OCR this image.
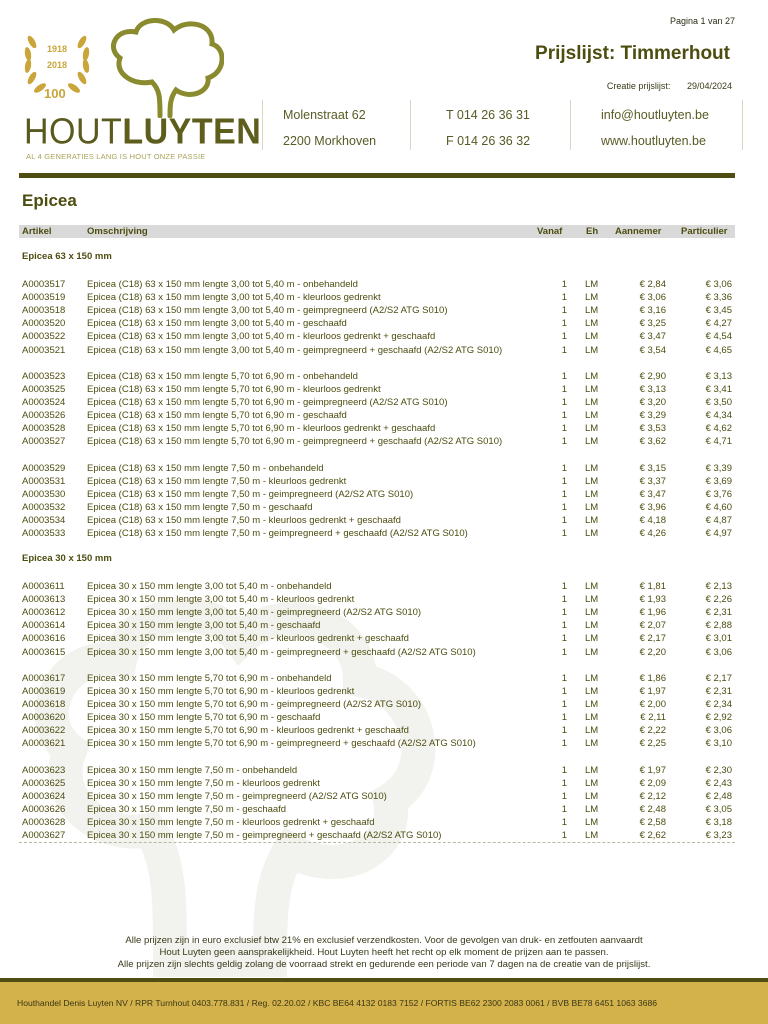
Pagina 1 van 27
1918
2018
100
HOUTLUYTEN
AL 4 GENERATIES LANG IS HOUT ONZE PASSIE
Prijslijst: Timmerhout
Creatie prijslijst: 29/04/2024
Molenstraat 62
2200 Morkhoven
T 014 26 36 31
F 014 26 36 32
info@houtluyten.be
www.houtluyten.be
Epicea
Artikel	Omschrijving	Vanaf Eh Aannemer Particulier
Epicea 63 x 150 mm
A0003517 Epicea (C18) 63 x 150 mm lengte 3,00 tot 5,40 m - onbehandeld	1 LM	€ 2,84	€ 3,06
A0003519 Epicea (C18) 63 x 150 mm lengte 3,00 tot 5,40 m - kleurloos gedrenkt	1 LM	€ 3,06	€ 3,36
A0003518 Epicea (C18) 63 x 150 mm lengte 3,00 tot 5,40 m - geimpregneerd (A2/S2 ATG S010)	1 LM	€ 3,16	€ 3,45
A0003520 Epicea (C18) 63 x 150 mm lengte 3,00 tot 5,40 m - geschaafd	1 LM	€ 3,25	€ 4,27
A0003522 Epicea (C18) 63 x 150 mm lengte 3,00 tot 5,40 m - kleurloos gedrenkt + geschaafd	1 LM	€ 3,47	€ 4,54
A0003521 Epicea (C18) 63 x 150 mm lengte 3,00 tot 5,40 m - geimpregneerd + geschaafd (A2/S2 ATG S010)	1 LM	€ 3,54	€ 4,65
A0003523 Epicea (C18) 63 x 150 mm lengte 5,70 tot 6,90 m - onbehandeld	1 LM	€ 2,90	€ 3,13
A0003525 Epicea (C18) 63 x 150 mm lengte 5,70 tot 6,90 m - kleurloos gedrenkt	1 LM	€ 3,13	€ 3,41
A0003524 Epicea (C18) 63 x 150 mm lengte 5,70 tot 6,90 m - geimpregneerd (A2/S2 ATG S010)	1 LM	€ 3,20	€ 3,50
A0003526 Epicea (C18) 63 x 150 mm lengte 5,70 tot 6,90 m - geschaafd	1 LM	€ 3,29	€ 4,34
A0003528 Epicea (C18) 63 x 150 mm lengte 5,70 tot 6,90 m - kleurloos gedrenkt + geschaafd	1 LM	€ 3,53	€ 4,62
A0003527 Epicea (C18) 63 x 150 mm lengte 5,70 tot 6,90 m - geimpregneerd + geschaafd (A2/S2 ATG S010)	1 LM	€ 3,62	€ 4,71
A0003529 Epicea (C18) 63 x 150 mm lengte 7,50 m - onbehandeld	1 LM	€ 3,15	€ 3,39
A0003531 Epicea (C18) 63 x 150 mm lengte 7,50 m - kleurloos gedrenkt	1 LM	€ 3,37	€ 3,69
A0003530 Epicea (C18) 63 x 150 mm lengte 7,50 m - geimpregneerd (A2/S2 ATG S010)	1 LM	€ 3,47	€ 3,76
A0003532 Epicea (C18) 63 x 150 mm lengte 7,50 m - geschaafd	1 LM	€ 3,96	€ 4,60
A0003534 Epicea (C18) 63 x 150 mm lengte 7,50 m - kleurloos gedrenkt + geschaafd	1 LM	€ 4,18	€ 4,87
A0003533 Epicea (C18) 63 x 150 mm lengte 7,50 m - geimpregneerd + geschaafd (A2/S2 ATG S010)	1 LM	€ 4,26	€ 4,97
Epicea 30 x 150 mm
A0003611 Epicea 30 x 150 mm lengte 3,00 tot 5,40 m - onbehandeld	1 LM	€ 1,81	€ 2,13
A0003613 Epicea 30 x 150 mm lengte 3,00 tot 5,40 m - kleurloos gedrenkt	1 LM	€ 1,93	€ 2,26
A0003612 Epicea 30 x 150 mm lengte 3,00 tot 5,40 m - geimpregneerd (A2/S2 ATG S010)	1 LM	€ 1,96	€ 2,31
A0003614 Epicea 30 x 150 mm lengte 3,00 tot 5,40 m - geschaafd	1 LM	€ 2,07	€ 2,88
A0003616 Epicea 30 x 150 mm lengte 3,00 tot 5,40 m - kleurloos gedrenkt + geschaafd	1 LM	€ 2,17	€ 3,01
A0003615 Epicea 30 x 150 mm lengte 3,00 tot 5,40 m - geimpregneerd + geschaafd (A2/S2 ATG S010)	1 LM	€ 2,20	€ 3,06
A0003617 Epicea 30 x 150 mm lengte 5,70 tot 6,90 m - onbehandeld	1 LM	€ 1,86	€ 2,17
A0003619 Epicea 30 x 150 mm lengte 5,70 tot 6,90 m - kleurloos gedrenkt	1 LM	€ 1,97	€ 2,31
A0003618 Epicea 30 x 150 mm lengte 5,70 tot 6,90 m - geimpregneerd (A2/S2 ATG S010)	1 LM	€ 2,00	€ 2,34
A0003620 Epicea 30 x 150 mm lengte 5,70 tot 6,90 m - geschaafd	1 LM	€ 2,11	€ 2,92
A0003622 Epicea 30 x 150 mm lengte 5,70 tot 6,90 m - kleurloos gedrenkt + geschaafd	1 LM	€ 2,22	€ 3,06
A0003621 Epicea 30 x 150 mm lengte 5,70 tot 6,90 m - geimpregneerd + geschaafd (A2/S2 ATG S010)	1 LM	€ 2,25	€ 3,10
A0003623 Epicea 30 x 150 mm lengte 7,50 m - onbehandeld	1 LM	€ 1,97	€ 2,30
A0003625 Epicea 30 x 150 mm lengte 7,50 m - kleurloos gedrenkt	1 LM	€ 2,09	€ 2,43
A0003624 Epicea 30 x 150 mm lengte 7,50 m - geimpregneerd (A2/S2 ATG S010)	1 LM	€ 2,12	€ 2,48
A0003626 Epicea 30 x 150 mm lengte 7,50 m - geschaafd	1 LM	€ 2,48	€ 3,05
A0003628 Epicea 30 x 150 mm lengte 7,50 m - kleurloos gedrenkt + geschaafd	1 LM	€ 2,58	€ 3,18
A0003627 Epicea 30 x 150 mm lengte 7,50 m - geimpregneerd + geschaafd (A2/S2 ATG S010)	1 LM	€ 2,62	€ 3,23
Alle prijzen zijn in euro exclusief btw 21% en exclusief verzendkosten. Voor de gevolgen van druk- en zetfouten aanvaardt
Hout Luyten geen aansprakelijkheid. Hout Luyten heeft het recht op elk moment de prijzen aan te passen.
Alle prijzen zijn slechts geldig zolang de voorraad strekt en gedurende een periode van 7 dagen na de creatie van de prijslijst.
Houthandel Denis Luyten NV / RPR Turnhout 0403.778.831 / Reg. 02.20.02 / KBC BE64 4132 0183 7152 / FORTIS BE62 2300 2083 0061 / BVB BE78 6451 1063 3686
